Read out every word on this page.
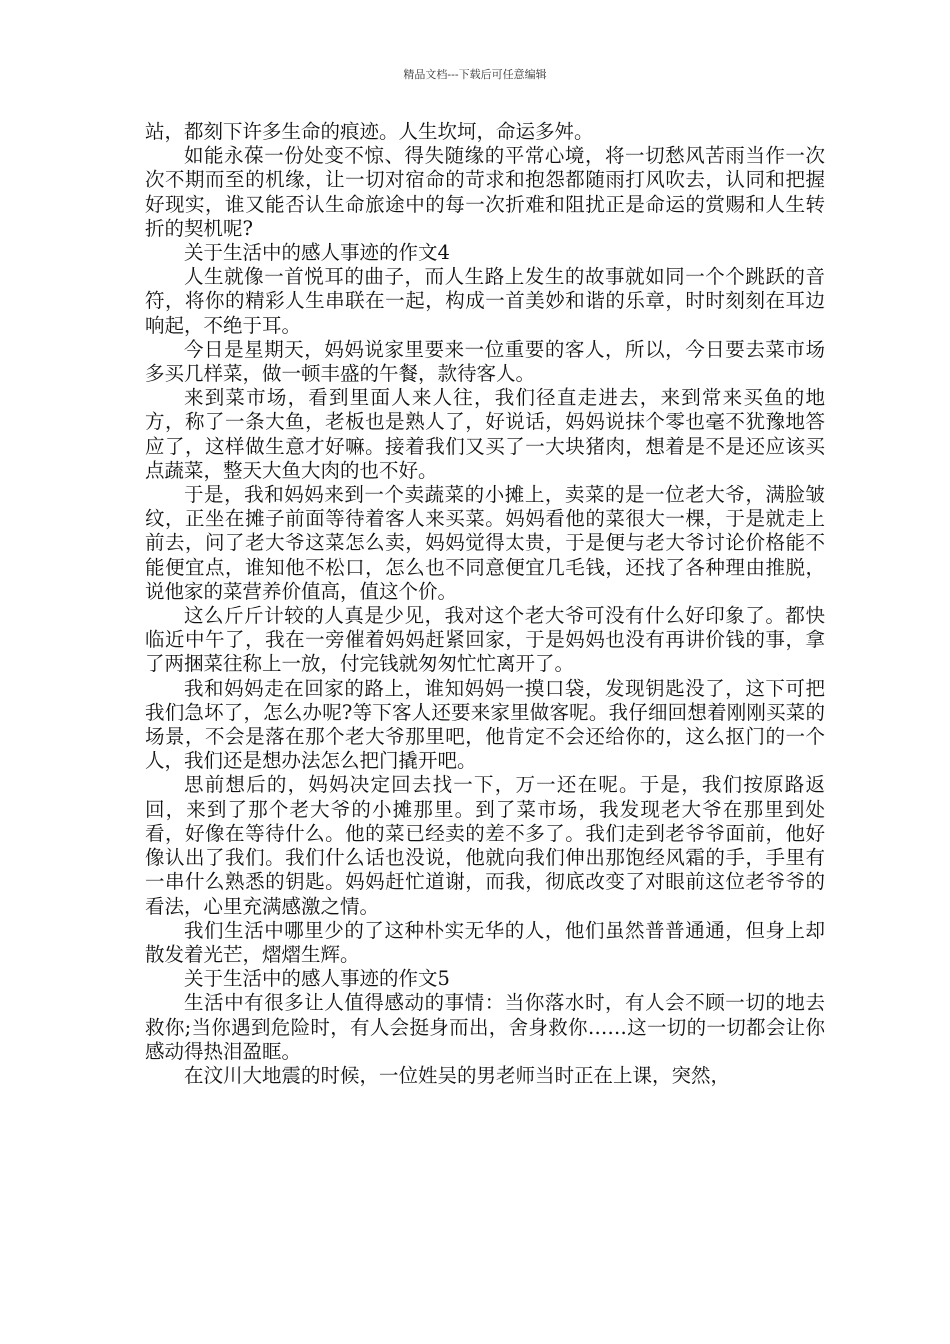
精品文档---下载后可任意编辑

站，都刻下许多生命的痕迹。人生坎坷，命运多舛。

如能永葆一份处变不惊、得失随缘的平常心境，将一切愁风苦雨当作一次次不期而至的机缘，让一切对宿命的苛求和抱怨都随雨打风吹去，认同和把握好现实，谁又能否认生命旅途中的每一次折难和阻扰正是命运的赏赐和人生转折的契机呢?

关于生活中的感人事迹的作文4

人生就像一首悦耳的曲子，而人生路上发生的故事就如同一个个跳跃的音符，将你的精彩人生串联在一起，构成一首美妙和谐的乐章，时时刻刻在耳边响起，不绝于耳。

今日是星期天，妈妈说家里要来一位重要的客人，所以，今日要去菜市场多买几样菜，做一顿丰盛的午餐，款待客人。

来到菜市场，看到里面人来人往，我们径直走进去，来到常来买鱼的地方，称了一条大鱼，老板也是熟人了，好说话，妈妈说抹个零也毫不犹豫地答应了，这样做生意才好嘛。接着我们又买了一大块猪肉，想着是不是还应该买点蔬菜，整天大鱼大肉的也不好。

于是，我和妈妈来到一个卖蔬菜的小摊上，卖菜的是一位老大爷，满脸皱纹，正坐在摊子前面等待着客人来买菜。妈妈看他的菜很大一棵，于是就走上前去，问了老大爷这菜怎么卖，妈妈觉得太贵，于是便与老大爷讨论价格能不能便宜点，谁知他不松口，怎么也不同意便宜几毛钱，还找了各种理由推脱，说他家的菜营养价值高，值这个价。

这么斤斤计较的人真是少见，我对这个老大爷可没有什么好印象了。都快临近中午了，我在一旁催着妈妈赶紧回家，于是妈妈也没有再讲价钱的事，拿了两捆菜往称上一放，付完钱就匆匆忙忙离开了。

我和妈妈走在回家的路上，谁知妈妈一摸口袋，发现钥匙没了，这下可把我们急坏了，怎么办呢?等下客人还要来家里做客呢。我仔细回想着刚刚买菜的场景，不会是落在那个老大爷那里吧，他肯定不会还给你的，这么抠门的一个人，我们还是想办法怎么把门撬开吧。

思前想后的，妈妈决定回去找一下，万一还在呢。于是，我们按原路返回，来到了那个老大爷的小摊那里。到了菜市场，我发现老大爷在那里到处看，好像在等待什么。他的菜已经卖的差不多了。我们走到老爷爷面前，他好像认出了我们。我们什么话也没说，他就向我们伸出那饱经风霜的手，手里有一串什么熟悉的钥匙。妈妈赶忙道谢，而我，彻底改变了对眼前这位老爷爷的看法，心里充满感激之情。

我们生活中哪里少的了这种朴实无华的人，他们虽然普普通通，但身上却散发着光芒，熠熠生辉。

关于生活中的感人事迹的作文5

生活中有很多让人值得感动的事情：当你落水时，有人会不顾一切的地去救你;当你遇到危险时，有人会挺身而出，舍身救你……这一切的一切都会让你感动得热泪盈眶。

在汶川大地震的时候，一位姓吴的男老师当时正在上课，突然，
